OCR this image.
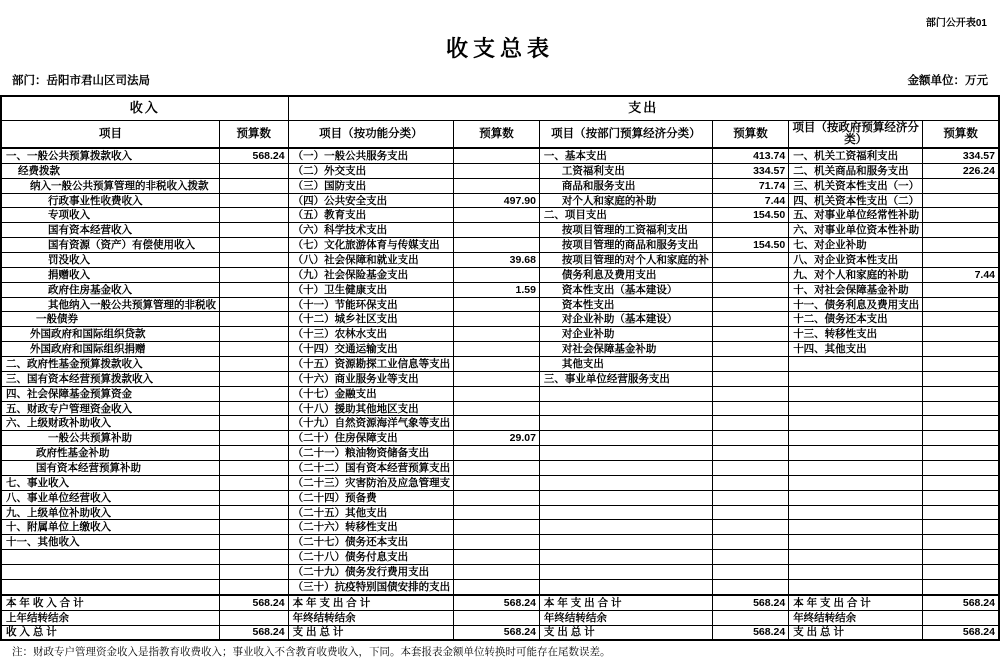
部门公开表01
收支总表
部门：岳阳市君山区司法局	金额单位：万元
收入		支出					
项目	预算数	项目（按功能分类）	预算数	项目（按部门预算经济分类）	预算数	项目（按政府预算经济分类）	预算数
一、一般公共预算拨款收入	568.24	（一）一般公共服务支出		一、基本支出	413.74	一、机关工资福利支出	334.57
经费拨款		（二）外交支出		工资福利支出	334.57	二、机关商品和服务支出	226.24
纳入一般公共预算管理的非税收入拨款		（三）国防支出		商品和服务支出	71.74	三、机关资本性支出（一）	
行政事业性收费收入		（四）公共安全支出	497.90	对个人和家庭的补助	7.44	四、机关资本性支出（二）	
专项收入		（五）教育支出		二、项目支出	154.50	五、对事业单位经常性补助	
国有资本经营收入		（六）科学技术支出		按项目管理的工资福利支出		六、对事业单位资本性补助	
国有资源（资产）有偿使用收入		（七）文化旅游体育与传媒支出		按项目管理的商品和服务支出	154.50	七、对企业补助	
罚没收入		（八）社会保障和就业支出	39.68	按项目管理的对个人和家庭的补		八、对企业资本性支出	
捐赠收入		（九）社会保险基金支出		债务利息及费用支出		九、对个人和家庭的补助	7.44
政府住房基金收入		（十）卫生健康支出	1.59	资本性支出（基本建设）		十、对社会保障基金补助	
其他纳入一般公共预算管理的非税收		（十一）节能环保支出		资本性支出		十一、债务利息及费用支出	
一般债券		（十二）城乡社区支出		对企业补助（基本建设）		十二、债务还本支出	
外国政府和国际组织贷款		（十三）农林水支出		对企业补助		十三、转移性支出	
外国政府和国际组织捐赠		（十四）交通运输支出		对社会保障基金补助		十四、其他支出	
二、政府性基金预算拨款收入		（十五）资源勘探工业信息等支出		其他支出			
三、国有资本经营预算拨款收入		（十六）商业服务业等支出		三、事业单位经营服务支出			
四、社会保障基金预算资金		（十七）金融支出					
五、财政专户管理资金收入		（十八）援助其他地区支出					
六、上级财政补助收入		（十九）自然资源海洋气象等支出					
一般公共预算补助		（二十）住房保障支出	29.07				
政府性基金补助		（二十一）粮油物资储备支出					
国有资本经营预算补助		（二十二）国有资本经营预算支出					
七、事业收入		（二十三）灾害防治及应急管理支					
八、事业单位经营收入		（二十四）预备费					
九、上级单位补助收入		（二十五）其他支出					
十、附属单位上缴收入		（二十六）转移性支出					
十一、其他收入		（二十七）债务还本支出					
		（二十八）债务付息支出					
		（二十九）债务发行费用支出					
		（三十）抗疫特别国债安排的支出					
本 年 收 入 合 计	568.24	本 年 支 出 合 计	568.24	本 年 支 出 合 计	568.24	本 年 支 出 合 计	568.24
上年结转结余		年终结转结余		年终结转结余		年终结转结余	
收 入 总 计	568.24	支 出 总 计	568.24	支 出 总 计	568.24	支 出 总 计	568.24
注：财政专户管理资金收入是指教育收费收入；事业收入不含教育收费收入，下同。本套报表金额单位转换时可能存在尾数误差。
